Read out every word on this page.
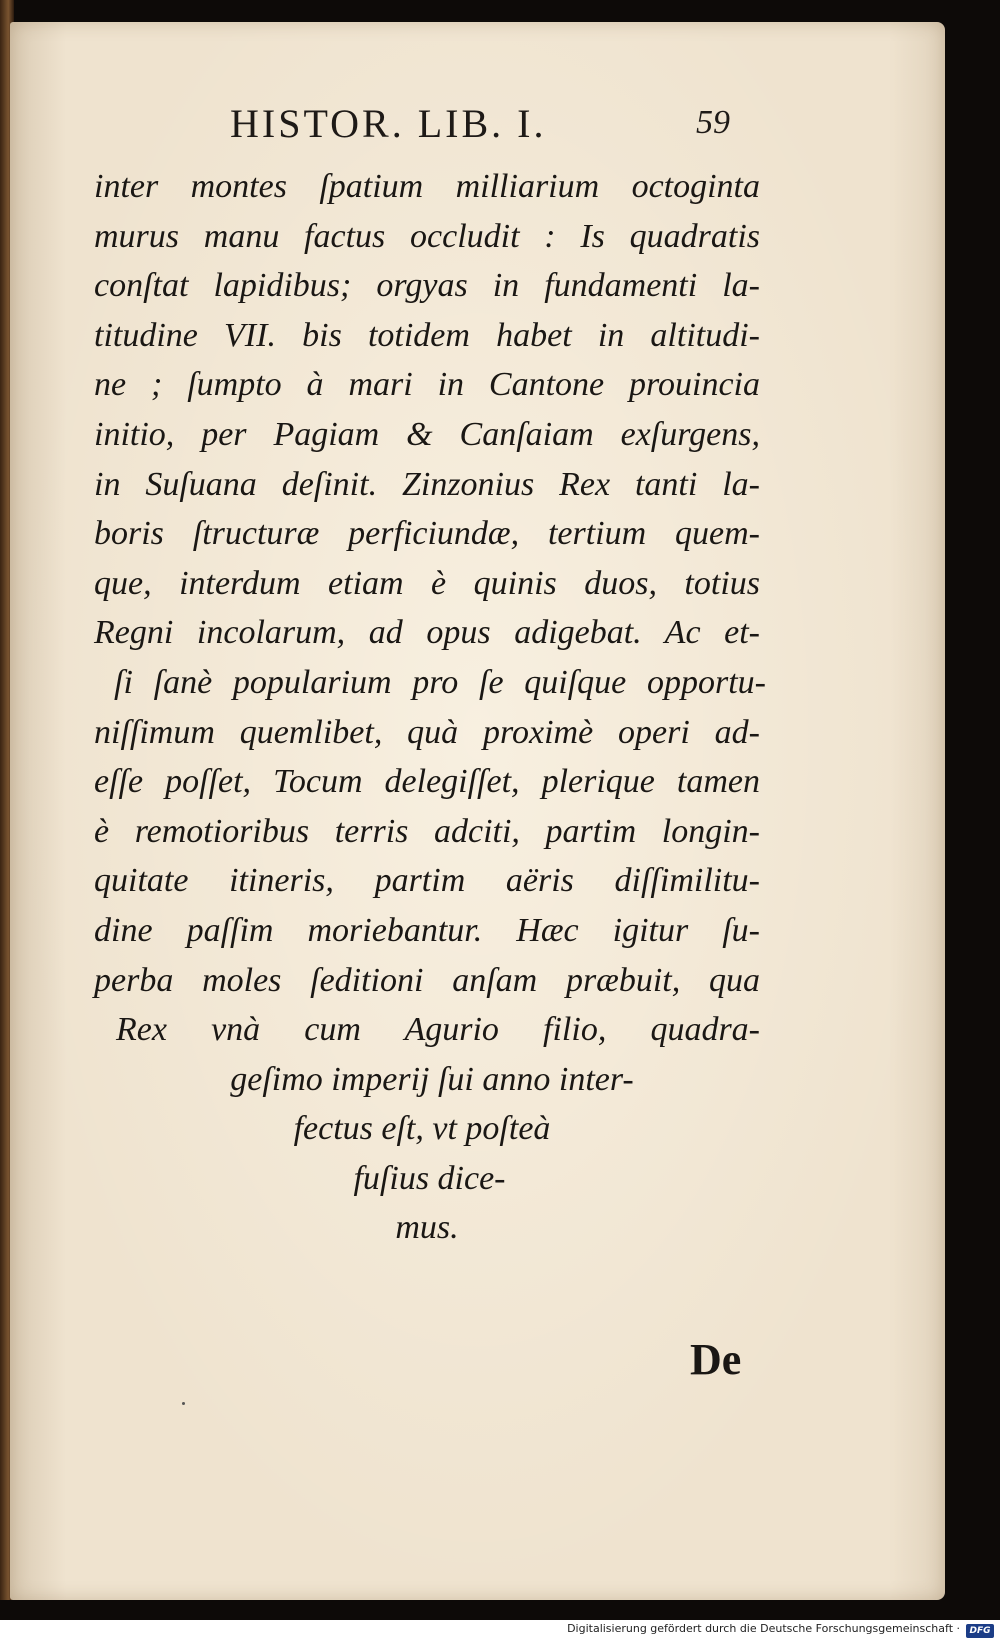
HISTOR. LIB. I.	59
inter montes ſpatium milliarium octoginta
murus manu factus occludit : Is quadratis
conſtat lapidibus; orgyas in fundamenti la-
titudine VII. bis totidem habet in altitudi-
ne ; ſumpto à mari in Cantone prouincia
initio, per Pagiam & Canſaiam exſurgens,
in Suſuana deſinit. Zinzonius Rex tanti la-
boris ſtructuræ perficiundæ, tertium quem-
que, interdum etiam è quinis duos, totius
Regni incolarum, ad opus adigebat. Ac et-
ſi ſanè popularium pro ſe quiſque opportu-
niſſimum quemlibet, quà proximè operi ad-
eſſe poſſet, Tocum delegiſſet, plerique tamen
è remotioribus terris adciti, partim longin-
quitate itineris, partim aëris diſſimilitu-
dine paſſim moriebantur. Hæc igitur ſu-
perba moles ſeditioni anſam præbuit, qua
Rex vnà cum Agurio filio, quadra-
geſimo imperij ſui anno inter-
fectus eſt, vt poſteà
fuſius dice-
mus.
De
Digitalisierung gefördert durch die Deutsche Forschungsgemeinschaft ·	DFG
